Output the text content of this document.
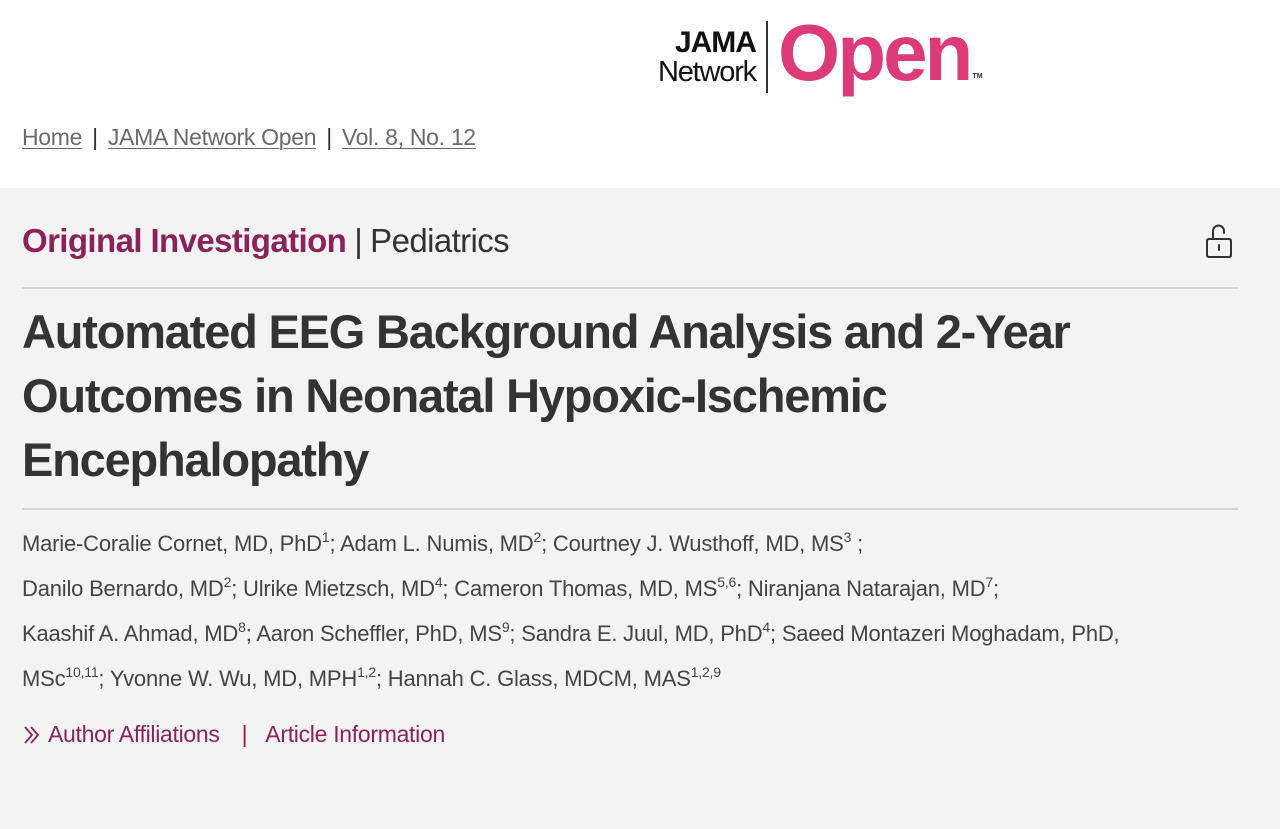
JAMA
Network Open TM
Home | JAMA Network Open | Vol. 8, No. 12
Original Investigation | Pediatrics
Automated EEG Background Analysis and 2-Year Outcomes in Neonatal Hypoxic-Ischemic Encephalopathy
Marie-Coralie Cornet, MD, PhD$^1$; Adam L. Numis, $MD^2$; Courtney J. Wusthoff, MD, $MS^3$ ;
Danilo Bernardo, $MD^2$; Ulrike Mietzsch, $MD^4$; Cameron Thomas, MD, MS$^{5,6}$; Niranjana Natarajan, $MD^7$;
Kaashif A. Ahmad, $MD^8$; Aaron Scheffler, PhD, $MS^9$; Sandra E. Juul, MD, PhD$^4$; Saeed Montazeri Moghadam, PhD, MSc$^{10,11}$; Yvonne W. Wu, MD, MPH$^{1,2}$; Hannah C. Glass, MDCM, MAS$^{1,2,9}$
Author Affiliations | Article Information
